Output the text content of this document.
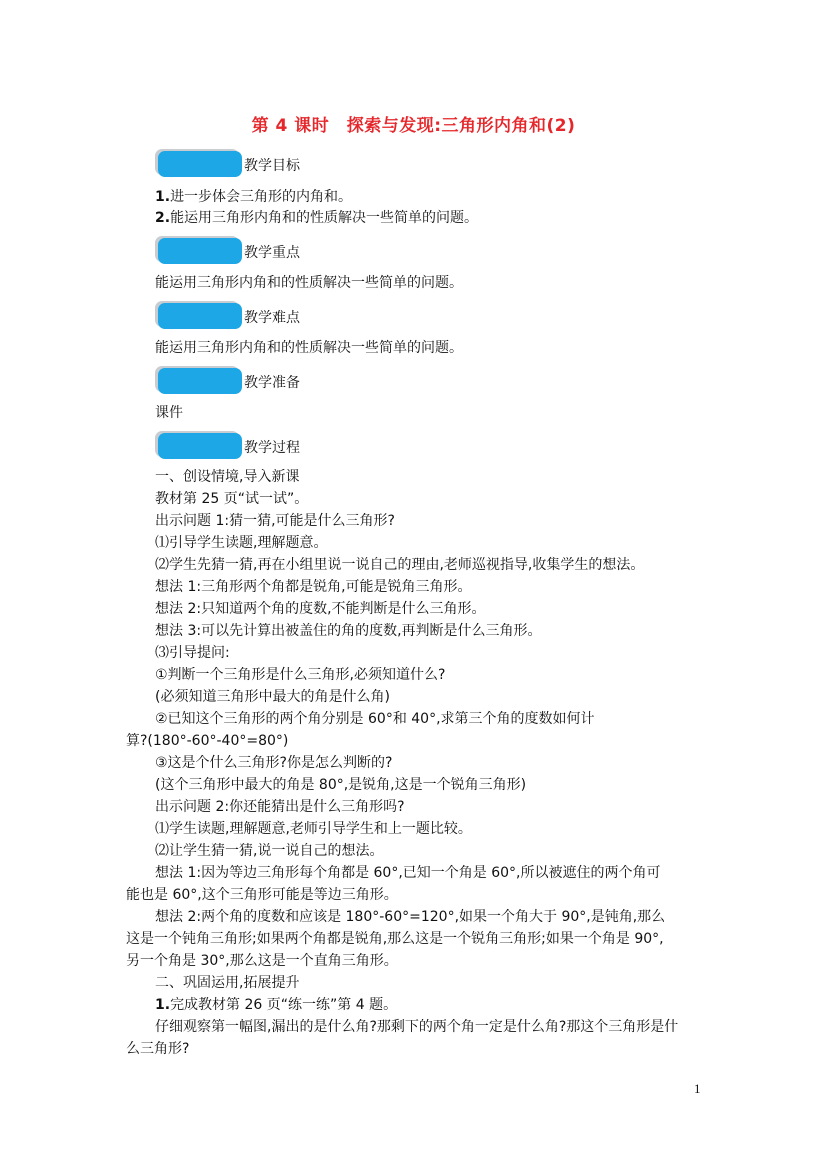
第 4 课时　探索与发现:三角形内角和(2)
教学目标
1.进一步体会三角形的内角和。
2.能运用三角形内角和的性质解决一些简单的问题。
教学重点
能运用三角形内角和的性质解决一些简单的问题。
教学难点
能运用三角形内角和的性质解决一些简单的问题。
教学准备
课件
教学过程
一、创设情境,导入新课
教材第 25 页“试一试”。
出示问题 1:猜一猜,可能是什么三角形?
⑴引导学生读题,理解题意。
⑵学生先猜一猜,再在小组里说一说自己的理由,老师巡视指导,收集学生的想法。
想法 1:三角形两个角都是锐角,可能是锐角三角形。
想法 2:只知道两个角的度数,不能判断是什么三角形。
想法 3:可以先计算出被盖住的角的度数,再判断是什么三角形。
⑶引导提问:
①判断一个三角形是什么三角形,必须知道什么?
(必须知道三角形中最大的角是什么角)
②已知这个三角形的两个角分别是 60°和 40°,求第三个角的度数如何计
算?(180°-60°-40°=80°)
③这是个什么三角形?你是怎么判断的?
(这个三角形中最大的角是 80°,是锐角,这是一个锐角三角形)
出示问题 2:你还能猜出是什么三角形吗?
⑴学生读题,理解题意,老师引导学生和上一题比较。
⑵让学生猜一猜,说一说自己的想法。
想法 1:因为等边三角形每个角都是 60°,已知一个角是 60°,所以被遮住的两个角可
能也是 60°,这个三角形可能是等边三角形。
想法 2:两个角的度数和应该是 180°-60°=120°,如果一个角大于 90°,是钝角,那么
这是一个钝角三角形;如果两个角都是锐角,那么这是一个锐角三角形;如果一个角是 90°,
另一个角是 30°,那么这是一个直角三角形。
二、巩固运用,拓展提升
1.完成教材第 26 页“练一练”第 4 题。
仔细观察第一幅图,漏出的是什么角?那剩下的两个角一定是什么角?那这个三角形是什
么三角形?
1
